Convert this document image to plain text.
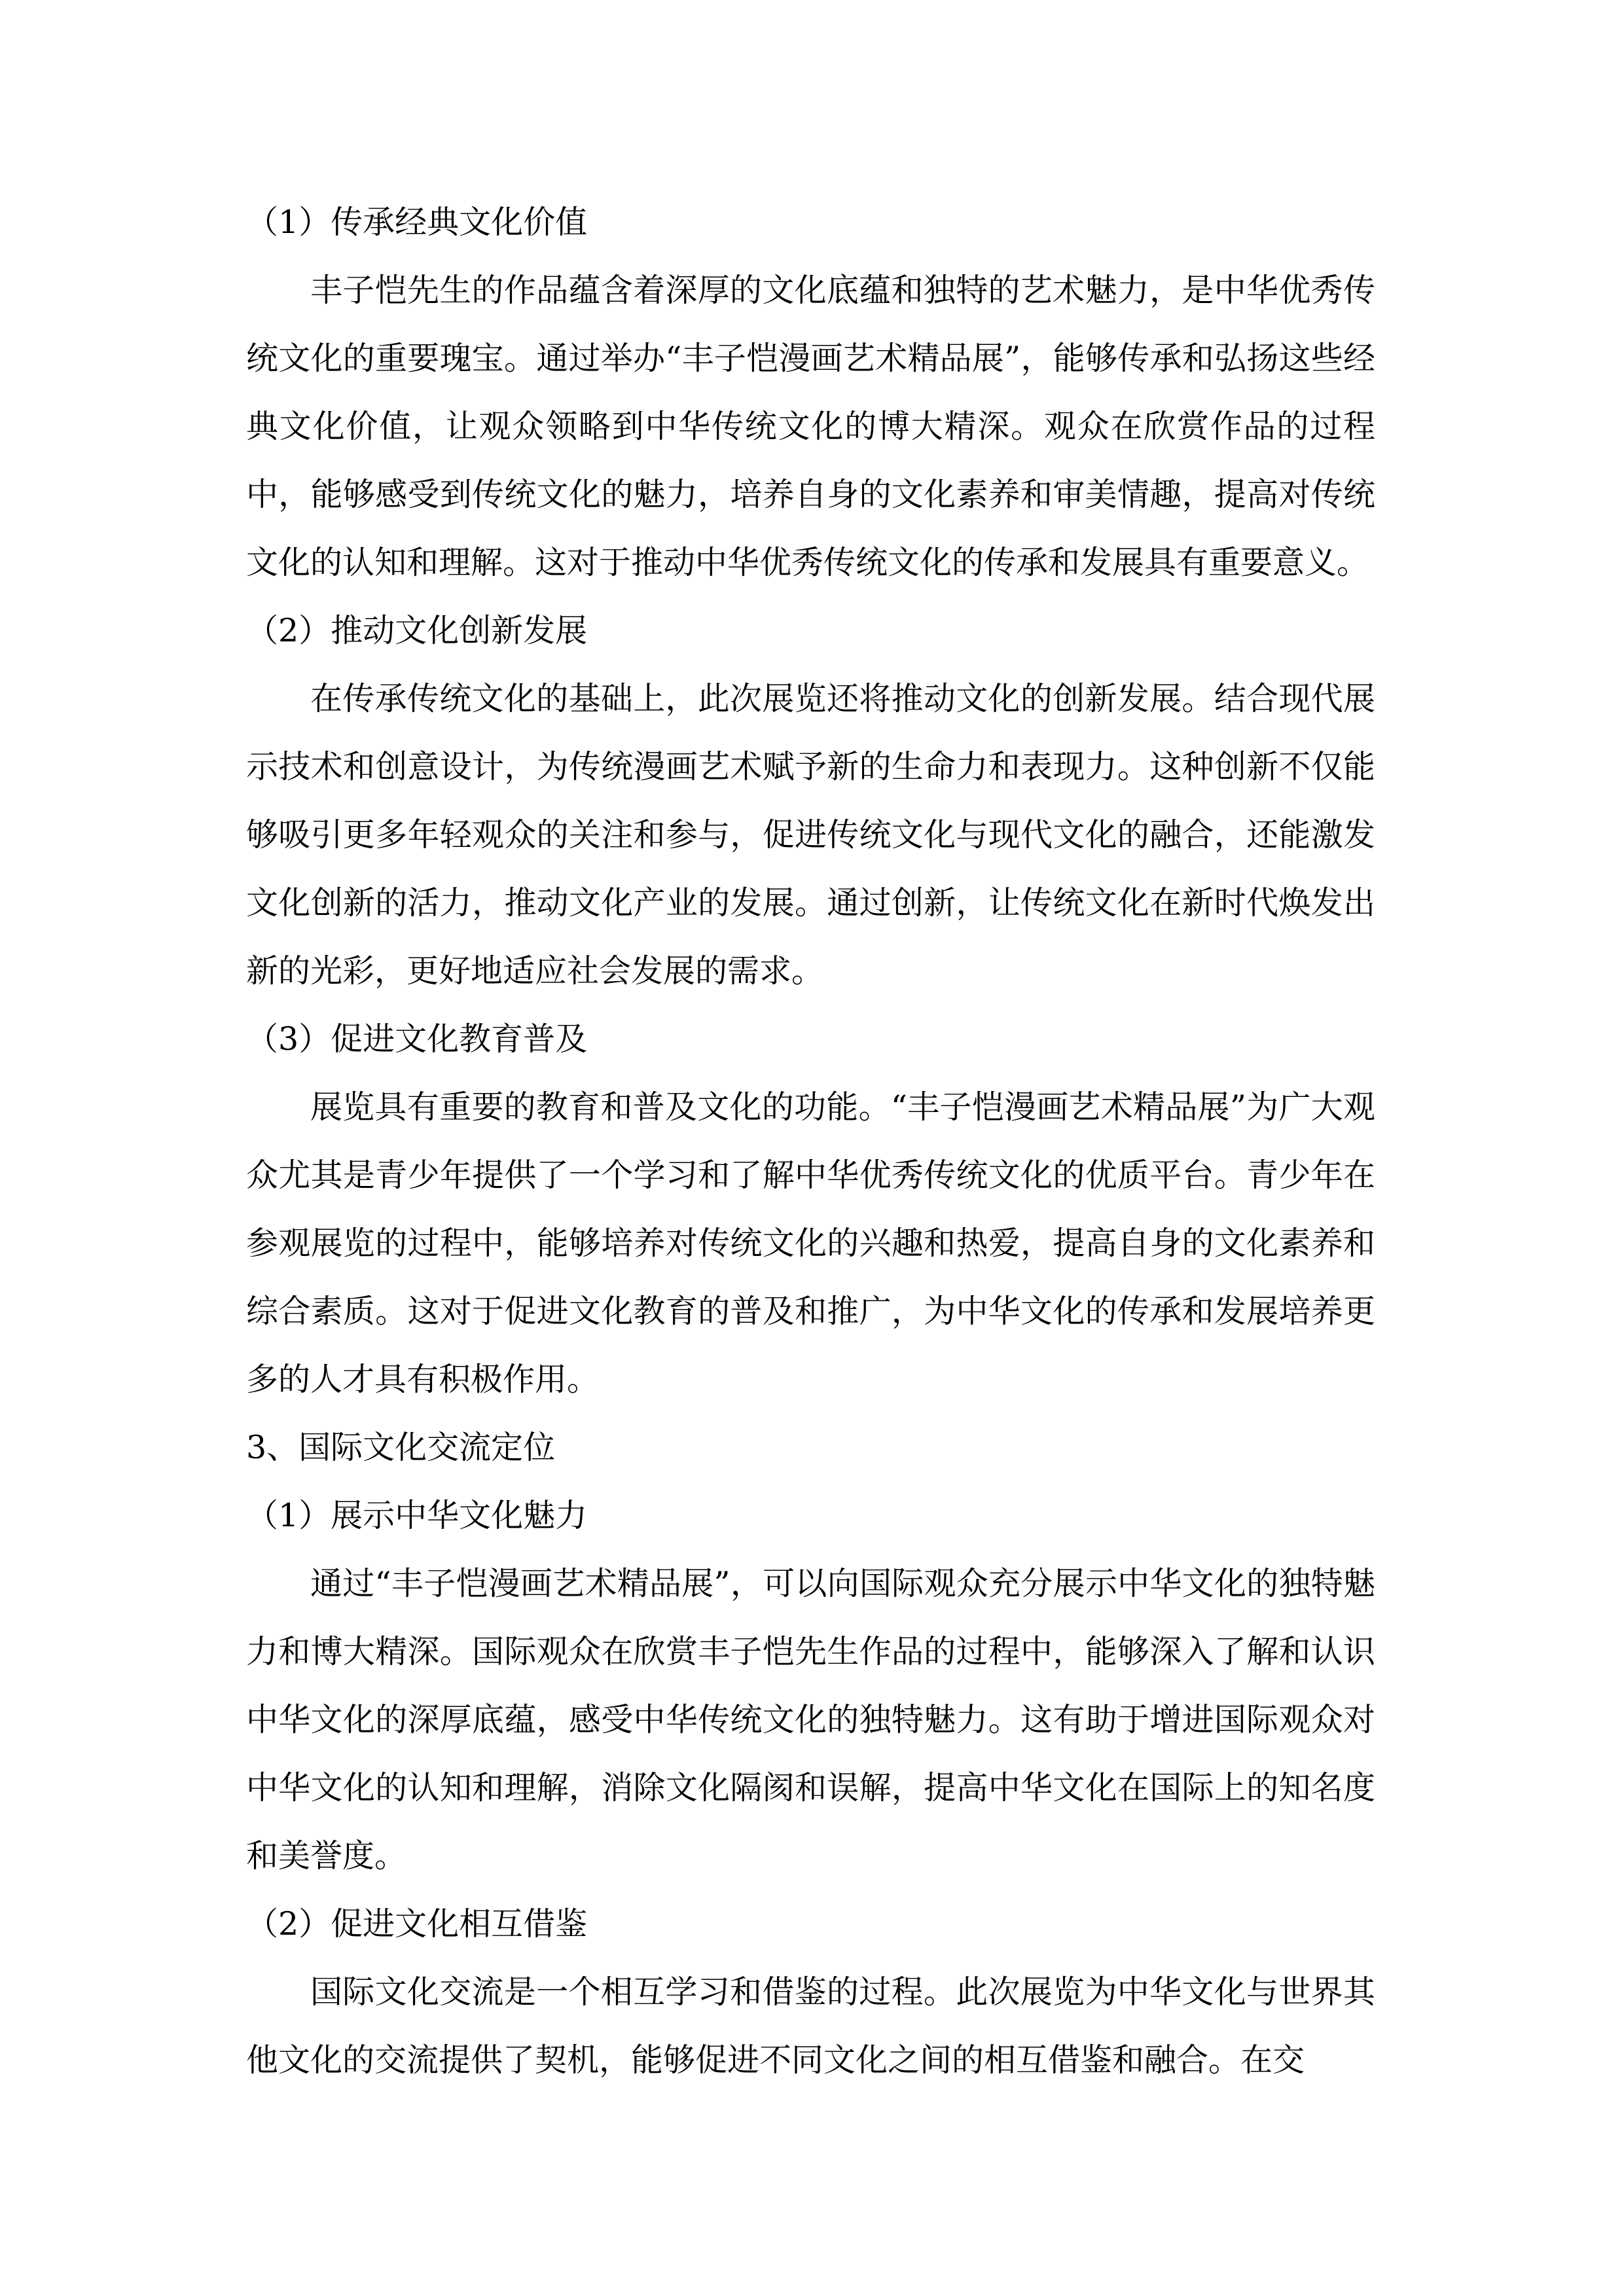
（1）传承经典文化价值

丰子恺先生的作品蕴含着深厚的文化底蕴和独特的艺术魅力，是中华优秀传统文化的重要瑰宝。通过举办“丰子恺漫画艺术精品展”，能够传承和弘扬这些经典文化价值，让观众领略到中华传统文化的博大精深。观众在欣赏作品的过程中，能够感受到传统文化的魅力，培养自身的文化素养和审美情趣，提高对传统文化的认知和理解。这对于推动中华优秀传统文化的传承和发展具有重要意义。

（2）推动文化创新发展

在传承传统文化的基础上，此次展览还将推动文化的创新发展。结合现代展示技术和创意设计，为传统漫画艺术赋予新的生命力和表现力。这种创新不仅能够吸引更多年轻观众的关注和参与，促进传统文化与现代文化的融合，还能激发文化创新的活力，推动文化产业的发展。通过创新，让传统文化在新时代焕发出新的光彩，更好地适应社会发展的需求。

（3）促进文化教育普及

展览具有重要的教育和普及文化的功能。“丰子恺漫画艺术精品展”为广大观众尤其是青少年提供了一个学习和了解中华优秀传统文化的优质平台。青少年在参观展览的过程中，能够培养对传统文化的兴趣和热爱，提高自身的文化素养和综合素质。这对于促进文化教育的普及和推广，为中华文化的传承和发展培养更多的人才具有积极作用。

3、国际文化交流定位

（1）展示中华文化魅力

通过“丰子恺漫画艺术精品展”，可以向国际观众充分展示中华文化的独特魅力和博大精深。国际观众在欣赏丰子恺先生作品的过程中，能够深入了解和认识中华文化的深厚底蕴，感受中华传统文化的独特魅力。这有助于增进国际观众对中华文化的认知和理解，消除文化隔阂和误解，提高中华文化在国际上的知名度和美誉度。

（2）促进文化相互借鉴

国际文化交流是一个相互学习和借鉴的过程。此次展览为中华文化与世界其他文化的交流提供了契机，能够促进不同文化之间的相互借鉴和融合。在交
